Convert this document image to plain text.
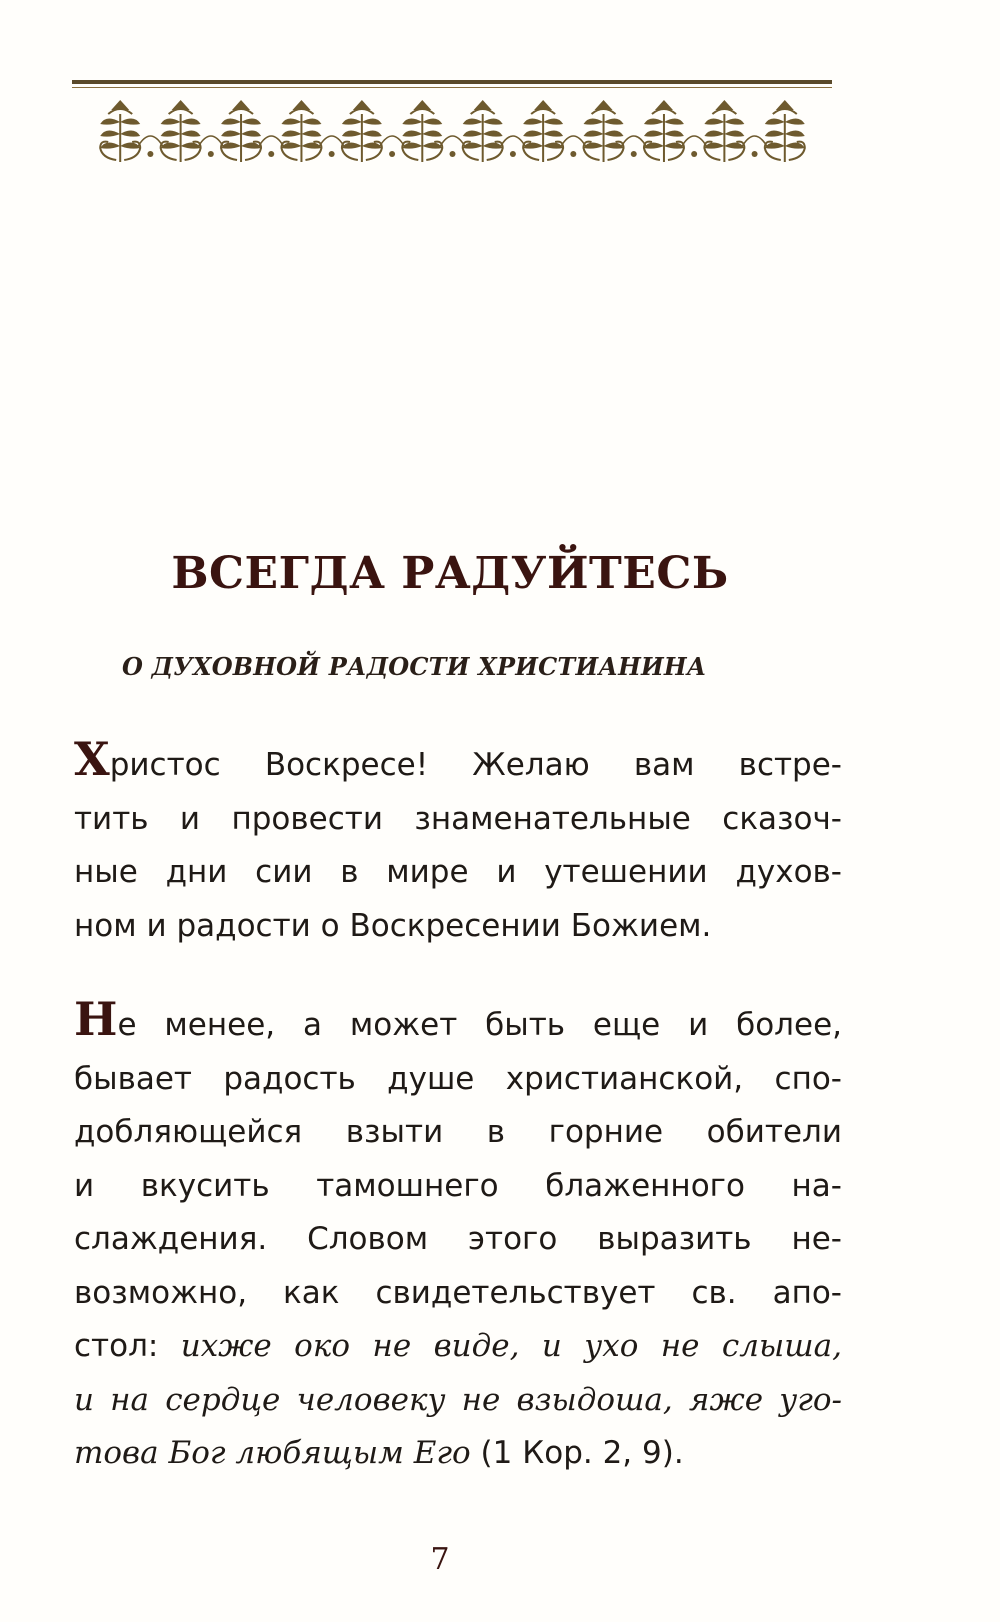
ВСЕГДА РАДУЙТЕСЬ
О ДУХОВНОЙ РАДОСТИ ХРИСТИАНИНА
Христос Воскресе! Желаю вам встре-
тить и провести знаменательные сказоч-
ные дни сии в мире и утешении духов-
ном и радости о Воскресении Божием.
Не менее, а может быть еще и более,
бывает радость душе христианской, спо-
добляющейся взыти в горние обители
и вкусить тамошнего блаженного на-
слаждения. Словом этого выразить не-
возможно, как свидетельствует св. апо-
стол: ихже око не виде, и ухо не слыша,
и на сердце человеку не взыдоша, яже уго-
това Бог любящым Его (1 Кор. 2, 9).
7
